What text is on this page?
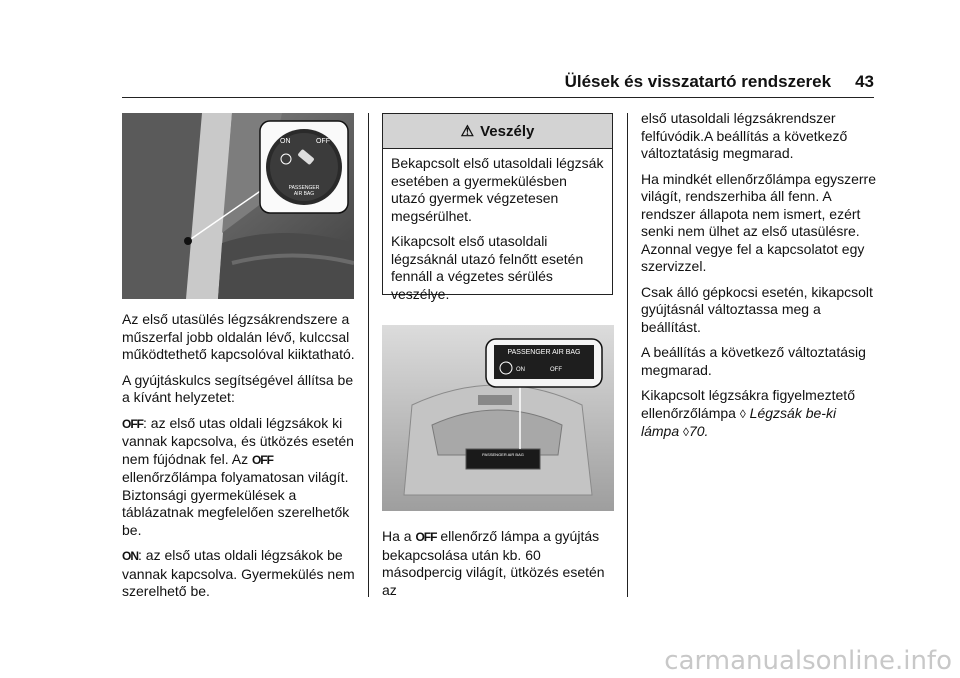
Ülések és visszatartó rendszerek 43
ON	OFF
PASSENGER
AIR BAG

Az első utasülés légzsákrendszere a műszerfal jobb oldalán lévő, kulccsal működtethető kapcsolóval kiiktatható.

A gyújtáskulcs segítségével állítsa be a kívánt helyzetet:

OFF: az első utas oldali légzsákok ki vannak kapcsolva, és ütközés esetén nem fújódnak fel. Az OFF ellenőrzőlámpa folyamatosan világít. Biztonsági gyermekülések a táblázatnak megfelelően szerelhetők be.

ON: az első utas oldali légzsákok be vannak kapcsolva. Gyermekülés nem szerelhető be.

⚠ Veszély

Bekapcsolt első utasoldali légzsák esetében a gyermekülésben utazó gyermek végzetesen megsérülhet.

Kikapcsolt első utasoldali légzsáknál utazó felnőtt esetén fennáll a végzetes sérülés veszélye.

PASSENGER AIR BAG
PASSENGER AIR BAG
ON	OFF

Ha a OFF ellenőrző lámpa a gyújtás bekapcsolása után kb. 60 másodpercig világít, ütközés esetén az

első utasoldali légzsákrendszer felfúvódik.A beállítás a következő változtatásig megmarad.

Ha mindkét ellenőrzőlámpa egyszerre világít, rendszerhiba áll fenn. A rendszer állapota nem ismert, ezért senki nem ülhet az első utasülésre. Azonnal vegye fel a kapcsolatot egy szervizzel.

Csak álló gépkocsi esetén, kikapcsolt gyújtásnál változtassa meg a beállítást.

A beállítás a következő változtatásig megmarad.

Kikapcsolt légzsákra figyelmeztető ellenőrzőlámpa ◊ Légzsák be-ki lámpa ◊70.

carmanualsonline.info
